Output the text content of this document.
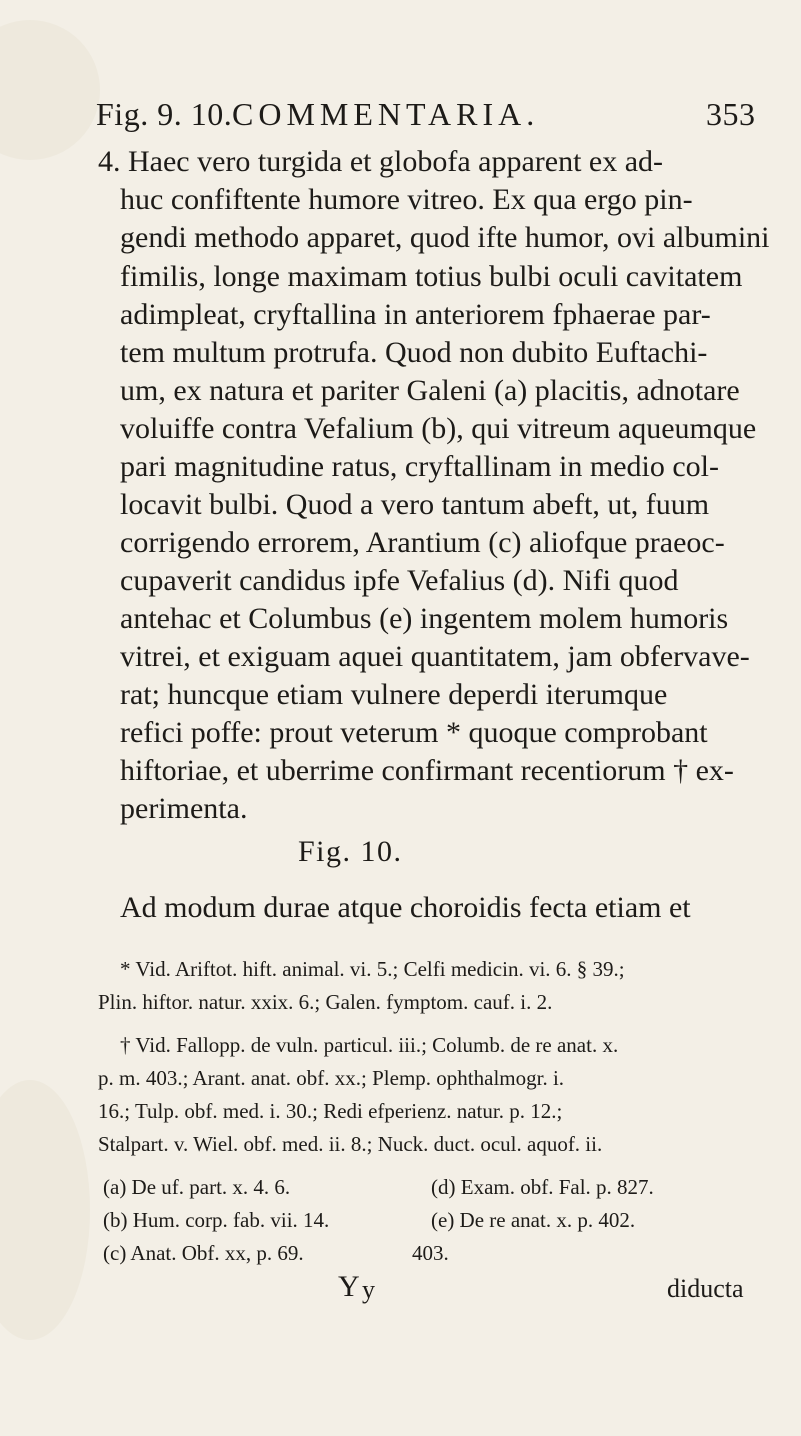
Fig. 9. 10. COMMENTARIA.	353
4. Haec vero turgida et globofa apparent ex ad-
huc confiftente humore vitreo. Ex qua ergo pin-
gendi methodo apparet, quod ifte humor, ovi albumini
fimilis, longe maximam totius bulbi oculi cavitatem
adimpleat, cryftallina in anteriorem fphaerae par-
tem multum protrufa. Quod non dubito Euftachi-
um, ex natura et pariter Galeni (a) placitis, adnotare
voluiffe contra Vefalium (b), qui vitreum aqueumque
pari magnitudine ratus, cryftallinam in medio col-
locavit bulbi. Quod a vero tantum abeft, ut, fuum
corrigendo errorem, Arantium (c) aliofque praeoc-
cupaverit candidus ipfe Vefalius (d). Nifi quod
antehac et Columbus (e) ingentem molem humoris
vitrei, et exiguam aquei quantitatem, jam obfervave-
rat; huncque etiam vulnere deperdi iterumque
refici poffe: prout veterum * quoque comprobant
hiftoriae, et uberrime confirmant recentiorum † ex-
perimenta.
Fig. 10.
Ad modum durae atque choroidis fecta etiam et
* Vid. Ariftot. hift. animal. vi. 5.; Celfi medicin. vi. 6. § 39.;
Plin. hiftor. natur. xxix. 6.; Galen. fymptom. cauf. i. 2.
† Vid. Fallopp. de vuln. particul. iii.; Columb. de re anat. x.
p. m. 403.; Arant. anat. obf. xx.; Plemp. ophthalmogr. i.
16.; Tulp. obf. med. i. 30.; Redi efperienz. natur. p. 12.;
Stalpart. v. Wiel. obf. med. ii. 8.; Nuck. duct. ocul. aquof. ii.
(a) De uf. part. x. 4. 6.
(b) Hum. corp. fab. vii. 14.
(c) Anat. Obf. xx, p. 69.
(d) Exam. obf. Fal. p. 827.
(e) De re anat. x. p. 402.
403.
Y y	diducta
